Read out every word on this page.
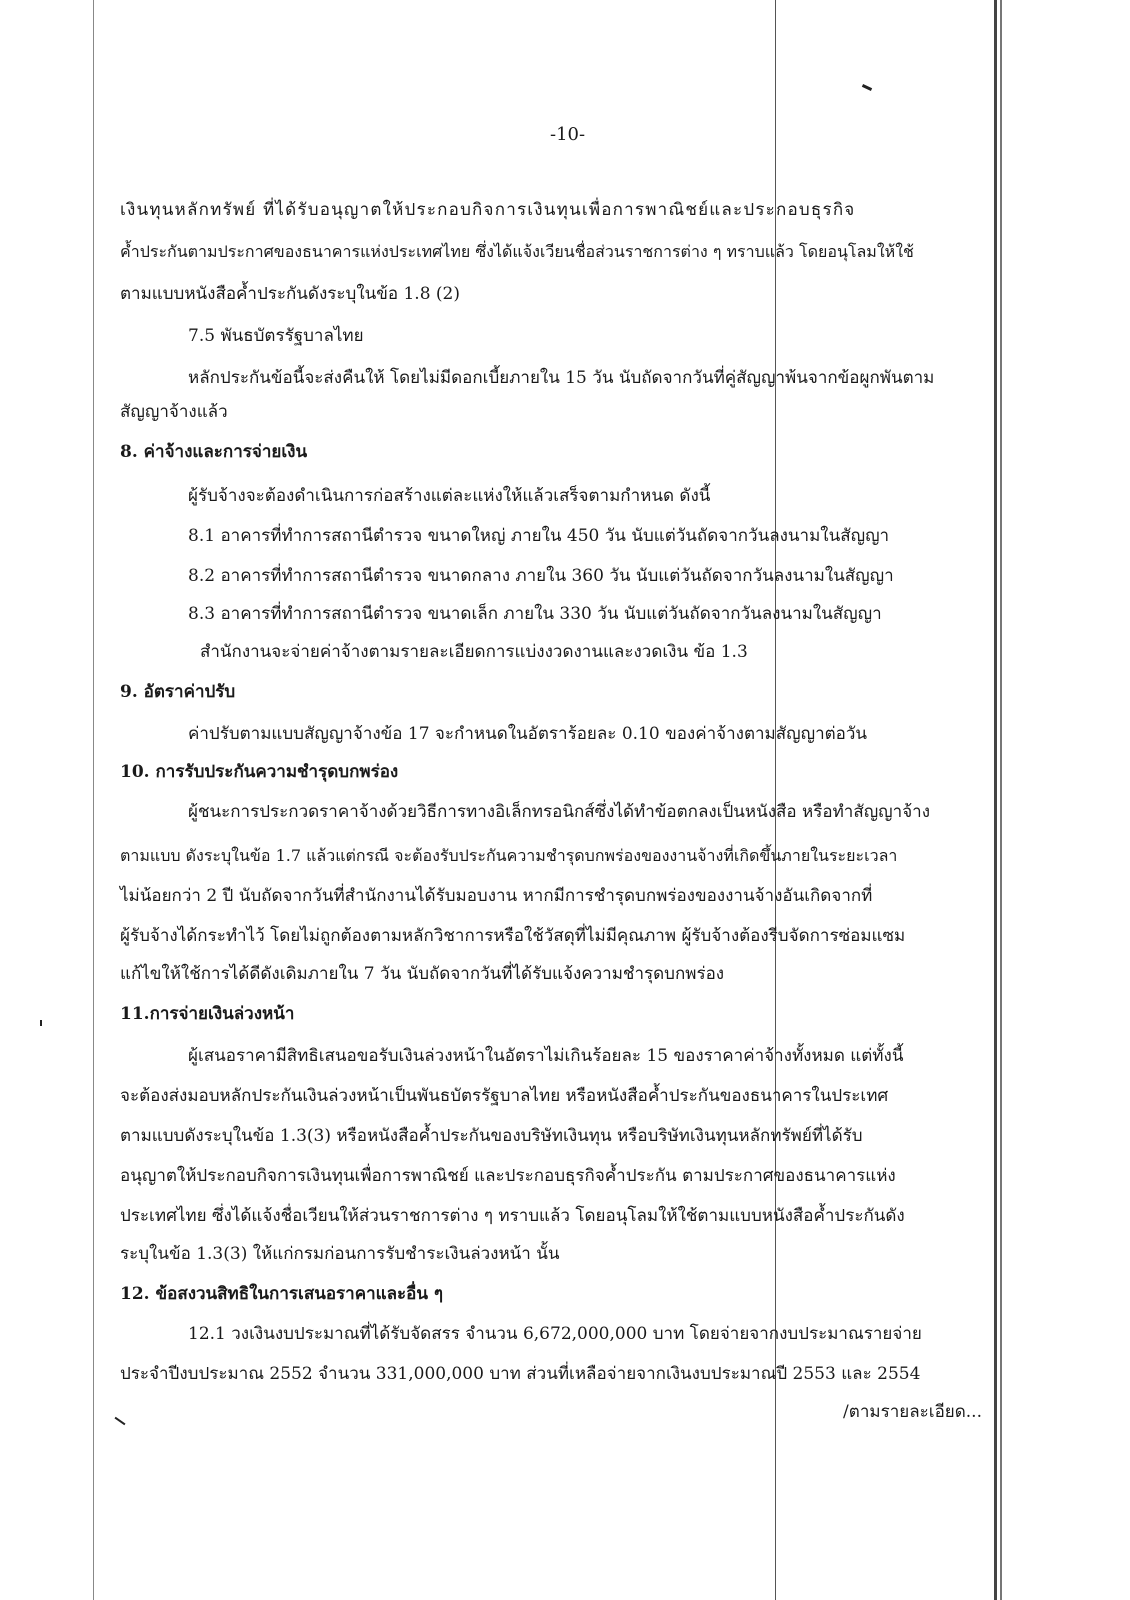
-10-
เงินทุนหลักทรัพย์ ที่ได้รับอนุญาตให้ประกอบกิจการเงินทุนเพื่อการพาณิชย์และประกอบธุรกิจ
ค้ำประกันตามประกาศของธนาคารแห่งประเทศไทย ซึ่งได้แจ้งเวียนชื่อส่วนราชการต่าง ๆ ทราบแล้ว โดยอนุโลมให้ใช้
ตามแบบหนังสือค้ำประกันดังระบุในข้อ 1.8 (2)
7.5 พันธบัตรรัฐบาลไทย
หลักประกันข้อนี้จะส่งคืนให้ โดยไม่มีดอกเบี้ยภายใน 15 วัน นับถัดจากวันที่คู่สัญญาพ้นจากข้อผูกพันตาม
สัญญาจ้างแล้ว
8. ค่าจ้างและการจ่ายเงิน
ผู้รับจ้างจะต้องดำเนินการก่อสร้างแต่ละแห่งให้แล้วเสร็จตามกำหนด ดังนี้
8.1 อาคารที่ทำการสถานีตำรวจ ขนาดใหญ่ ภายใน 450 วัน นับแต่วันถัดจากวันลงนามในสัญญา
8.2 อาคารที่ทำการสถานีตำรวจ ขนาดกลาง ภายใน 360 วัน นับแต่วันถัดจากวันลงนามในสัญญา
8.3 อาคารที่ทำการสถานีตำรวจ ขนาดเล็ก ภายใน 330 วัน นับแต่วันถัดจากวันลงนามในสัญญา
สำนักงานจะจ่ายค่าจ้างตามรายละเอียดการแบ่งงวดงานและงวดเงิน ข้อ 1.3
9. อัตราค่าปรับ
ค่าปรับตามแบบสัญญาจ้างข้อ 17 จะกำหนดในอัตราร้อยละ 0.10 ของค่าจ้างตามสัญญาต่อวัน
10. การรับประกันความชำรุดบกพร่อง
ผู้ชนะการประกวดราคาจ้างด้วยวิธีการทางอิเล็กทรอนิกส์ซึ่งได้ทำข้อตกลงเป็นหนังสือ หรือทำสัญญาจ้าง
ตามแบบ ดังระบุในข้อ 1.7 แล้วแต่กรณี จะต้องรับประกันความชำรุดบกพร่องของงานจ้างที่เกิดขึ้นภายในระยะเวลา
ไม่น้อยกว่า 2 ปี นับถัดจากวันที่สำนักงานได้รับมอบงาน หากมีการชำรุดบกพร่องของงานจ้างอันเกิดจากที่
ผู้รับจ้างได้กระทำไว้ โดยไม่ถูกต้องตามหลักวิชาการหรือใช้วัสดุที่ไม่มีคุณภาพ ผู้รับจ้างต้องรีบจัดการซ่อมแซม
แก้ไขให้ใช้การได้ดีดังเดิมภายใน 7 วัน นับถัดจากวันที่ได้รับแจ้งความชำรุดบกพร่อง
11.การจ่ายเงินล่วงหน้า
ผู้เสนอราคามีสิทธิเสนอขอรับเงินล่วงหน้าในอัตราไม่เกินร้อยละ 15 ของราคาค่าจ้างทั้งหมด แต่ทั้งนี้
จะต้องส่งมอบหลักประกันเงินล่วงหน้าเป็นพันธบัตรรัฐบาลไทย หรือหนังสือค้ำประกันของธนาคารในประเทศ
ตามแบบดังระบุในข้อ 1.3(3) หรือหนังสือค้ำประกันของบริษัทเงินทุน หรือบริษัทเงินทุนหลักทรัพย์ที่ได้รับ
อนุญาตให้ประกอบกิจการเงินทุนเพื่อการพาณิชย์ และประกอบธุรกิจค้ำประกัน ตามประกาศของธนาคารแห่ง
ประเทศไทย ซึ่งได้แจ้งชื่อเวียนให้ส่วนราชการต่าง ๆ ทราบแล้ว โดยอนุโลมให้ใช้ตามแบบหนังสือค้ำประกันดัง
ระบุในข้อ 1.3(3) ให้แก่กรมก่อนการรับชำระเงินล่วงหน้า นั้น
12. ข้อสงวนสิทธิในการเสนอราคาและอื่น ๆ
12.1 วงเงินงบประมาณที่ได้รับจัดสรร จำนวน 6,672,000,000 บาท โดยจ่ายจากงบประมาณรายจ่าย
ประจำปีงบประมาณ 2552 จำนวน 331,000,000 บาท ส่วนที่เหลือจ่ายจากเงินงบประมาณปี 2553 และ 2554
/ตามรายละเอียด...
